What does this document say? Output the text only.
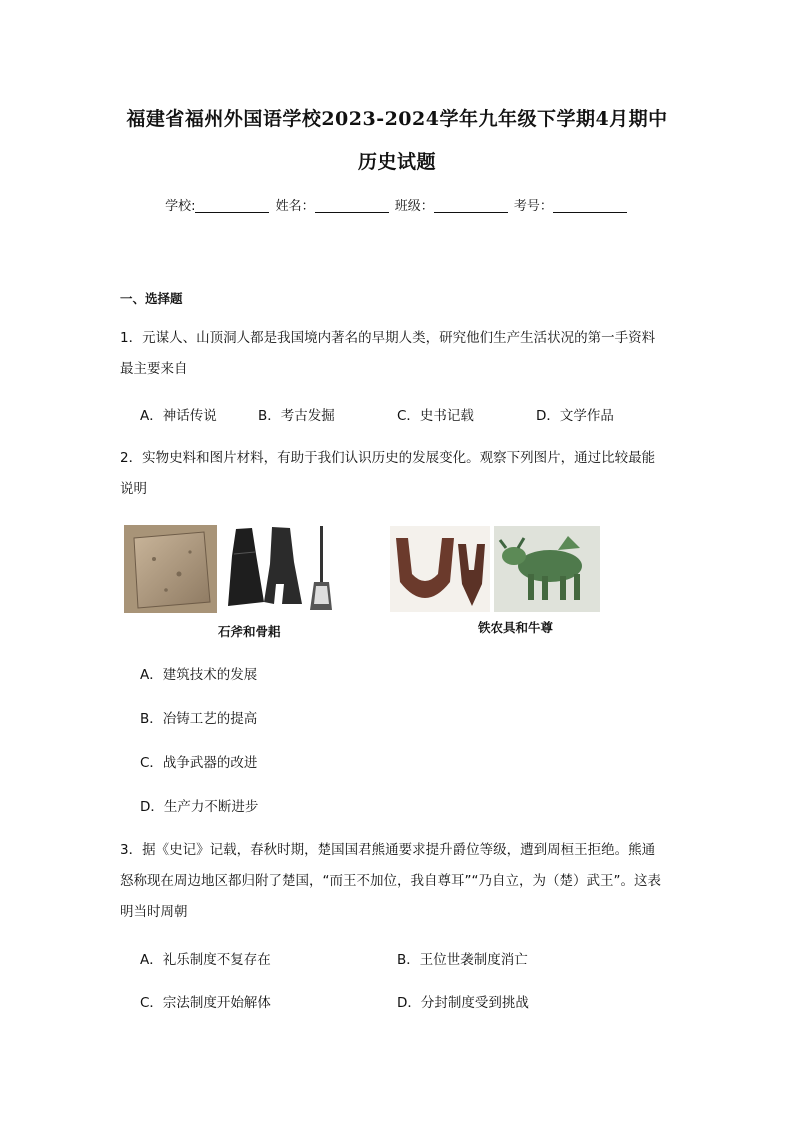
福建省福州外国语学校2023-2024学年九年级下学期4月期中
历史试题
学校:	姓名：	班级：	考号：
一、选择题
1．元谋人、山顶洞人都是我国境内著名的早期人类，研究他们生产生活状况的第一手资料
最主要来自
A．神话传说	B．考古发掘	C．史书记载	D．文学作品
2．实物史料和图片材料，有助于我们认识历史的发展变化。观察下列图片，通过比较最能
说明
石斧和骨耜	铁农具和牛尊
A．建筑技术的发展
B．冶铸工艺的提高
C．战争武器的改进
D．生产力不断进步
3．据《史记》记载，春秋时期，楚国国君熊通要求提升爵位等级，遭到周桓王拒绝。熊通
怒称现在周边地区都归附了楚国，“而王不加位，我自尊耳”“乃自立，为（楚）武王”。这表
明当时周朝
A．礼乐制度不复存在	B．王位世袭制度消亡
C．宗法制度开始解体	D．分封制度受到挑战
